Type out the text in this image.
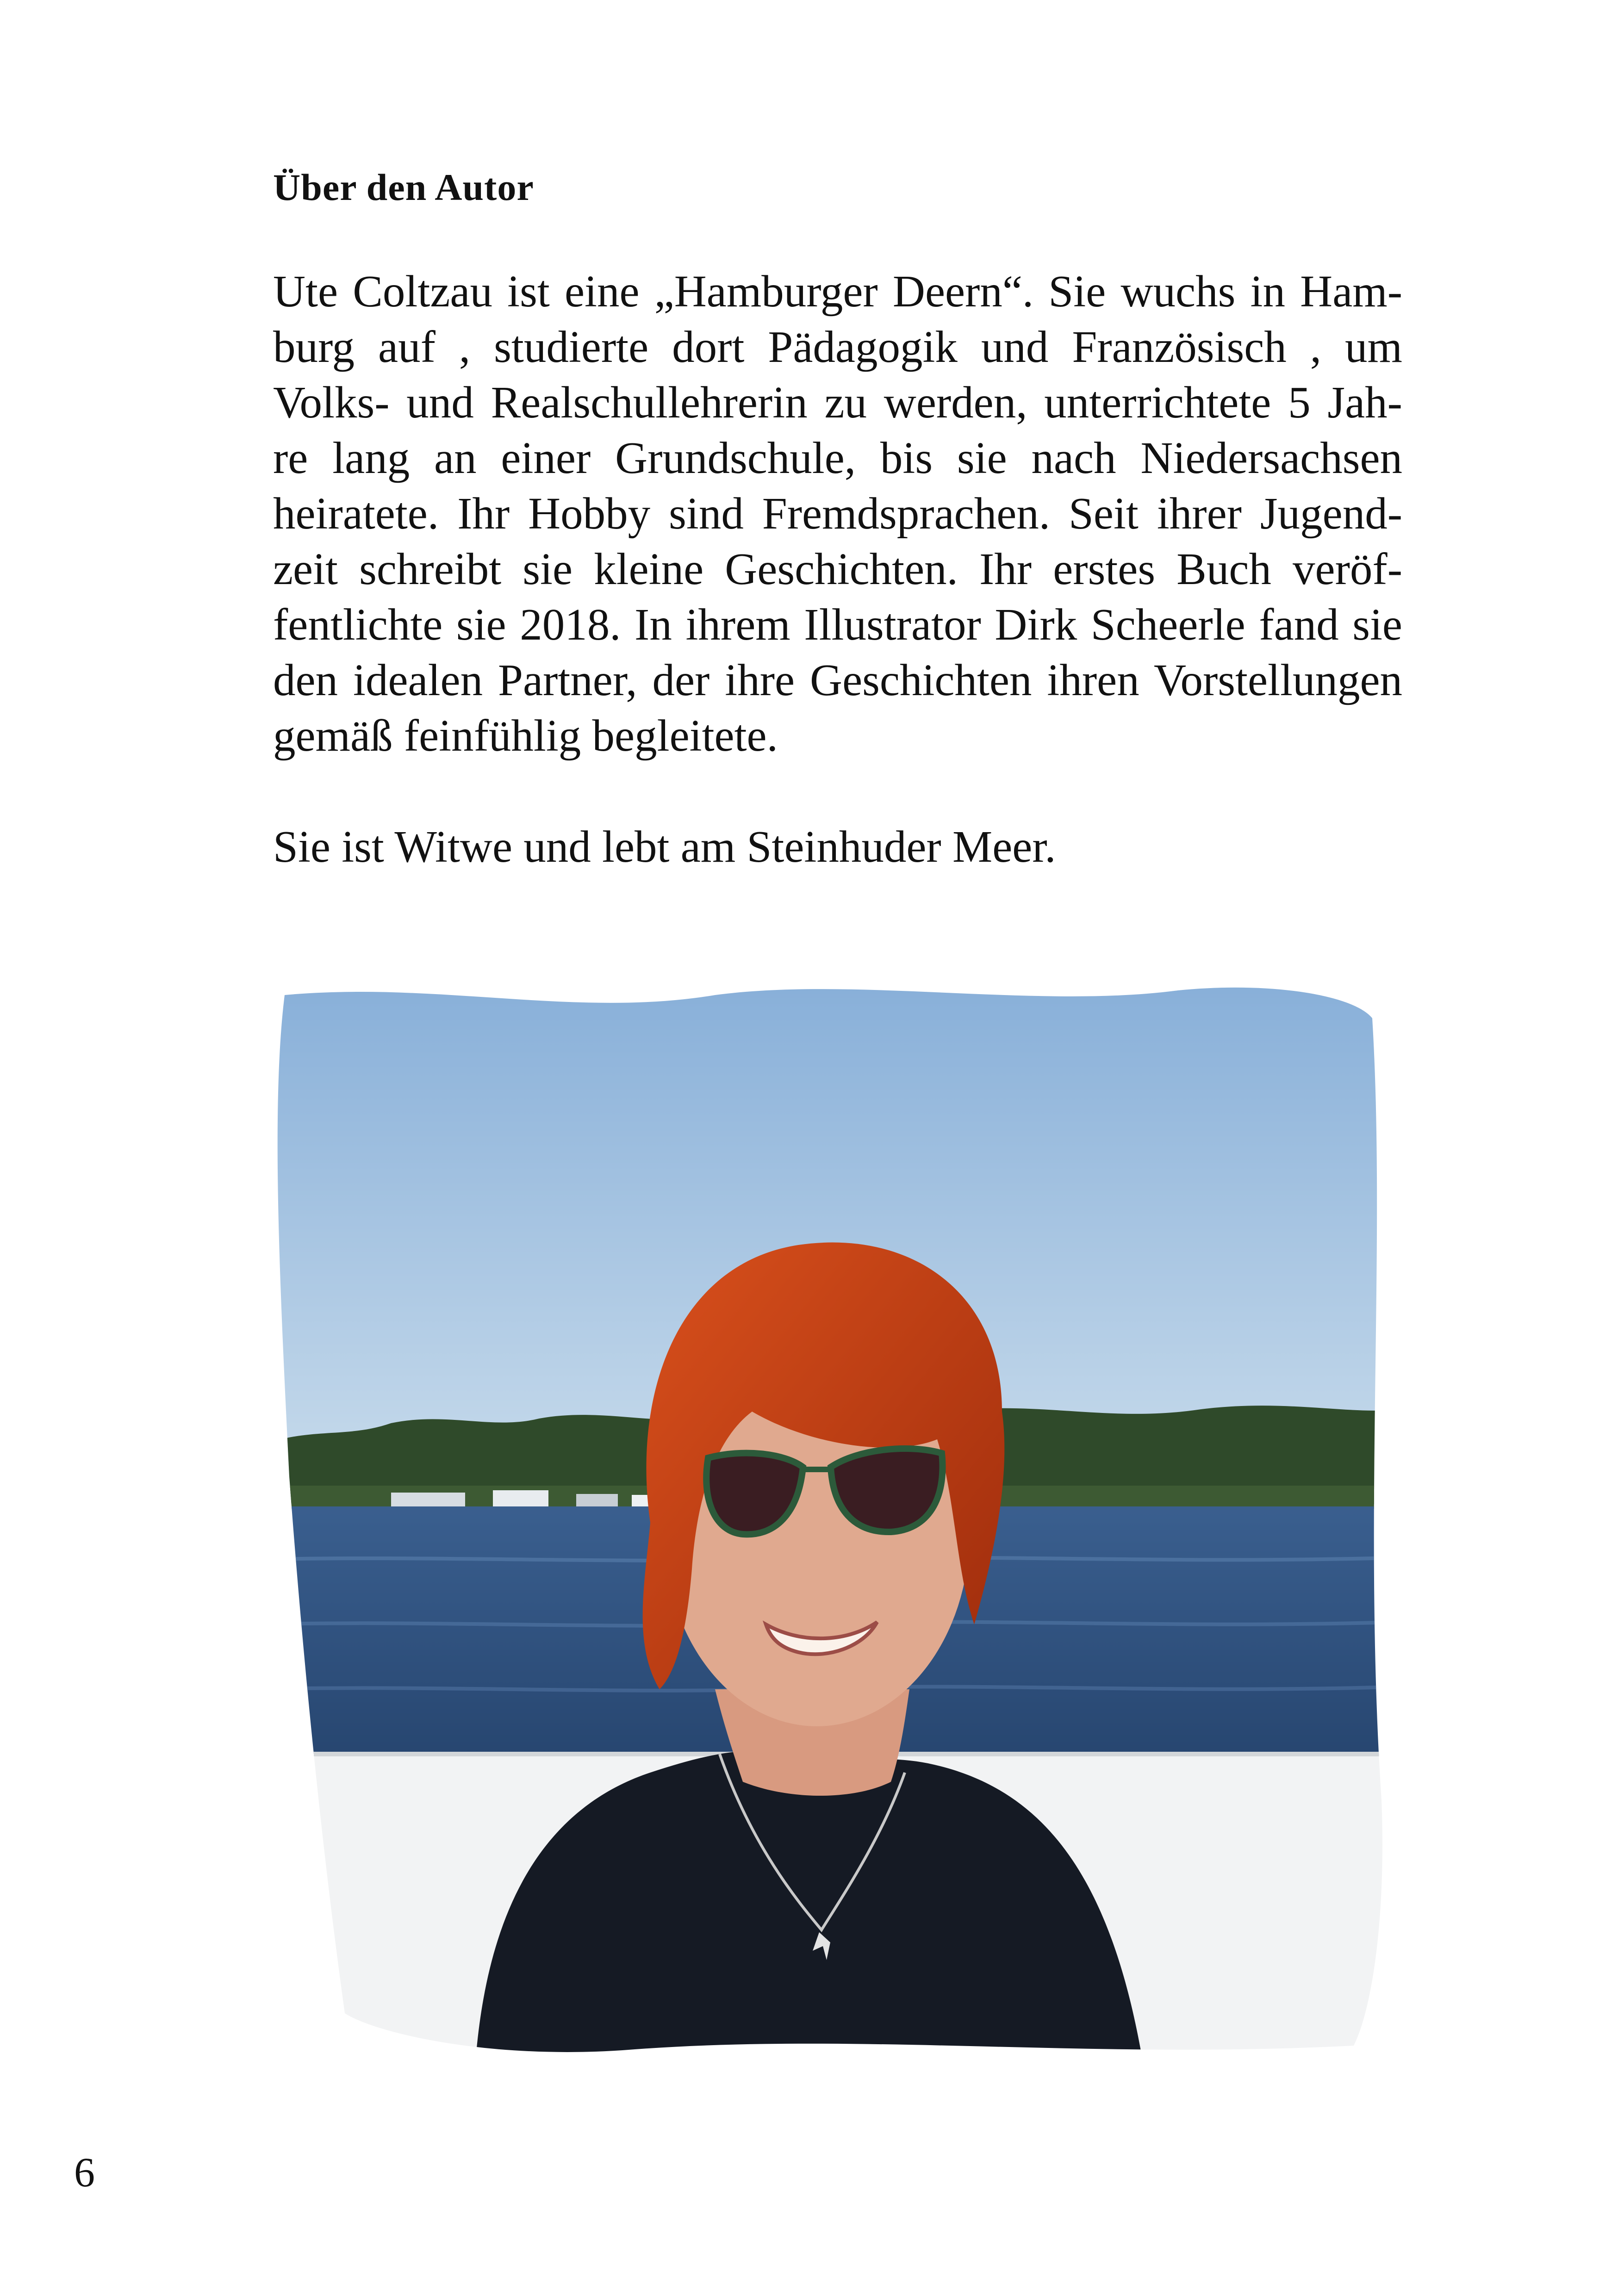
Über den Autor
Ute Coltzau ist eine „Hamburger Deern“. Sie wuchs in Ham-
burg auf , studierte dort Pädagogik und Französisch , um
Volks- und Realschullehrerin zu werden, unterrichtete 5 Jah-
re lang an einer Grundschule, bis sie nach Niedersachsen
heiratete. Ihr Hobby sind Fremdsprachen. Seit ihrer Jugend-
zeit schreibt sie kleine Geschichten. Ihr erstes Buch veröf-
fentlichte sie 2018. In ihrem Illustrator Dirk Scheerle fand sie
den idealen Partner, der ihre Geschichten ihren Vorstellungen
gemäß feinfühlig begleitete.
Sie ist Witwe und lebt am Steinhuder Meer.
6
